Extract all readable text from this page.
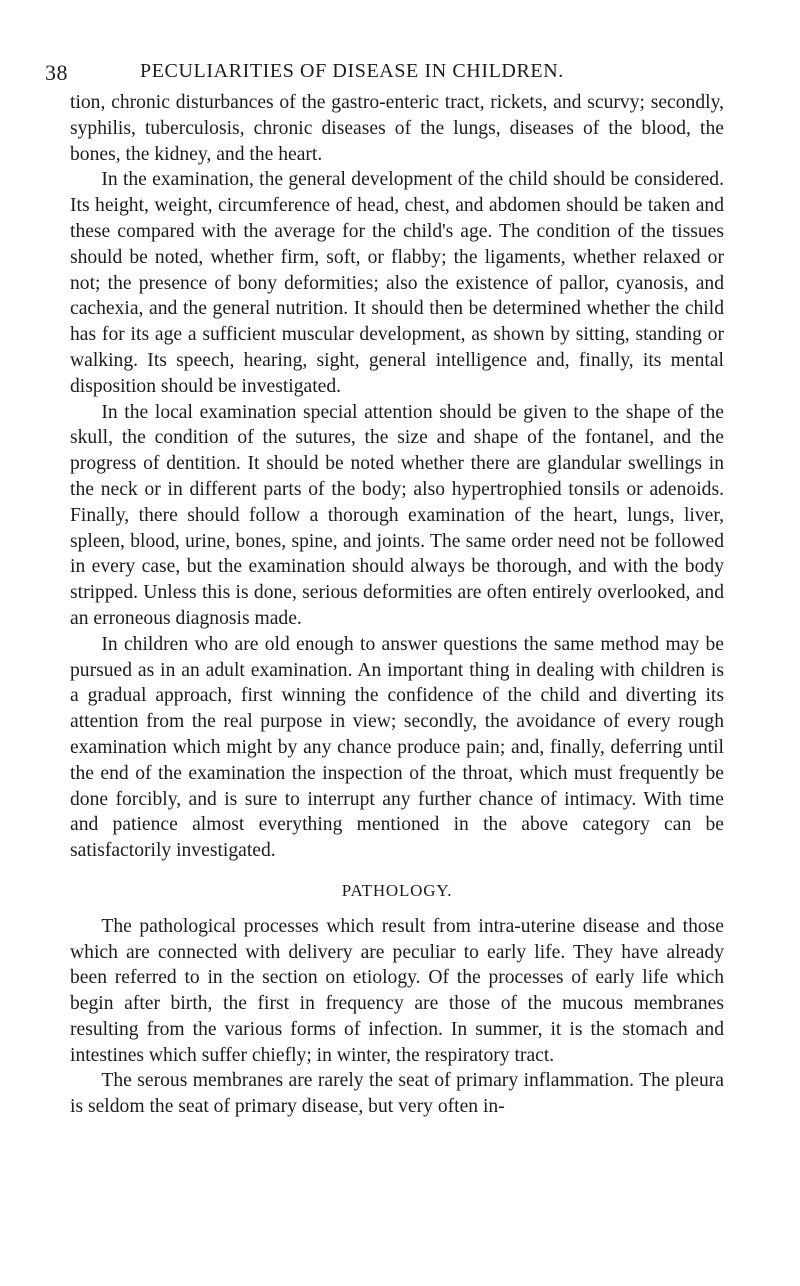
38	PECULIARITIES OF DISEASE IN CHILDREN.

tion, chronic disturbances of the gastro-enteric tract, rickets, and scurvy; secondly, syphilis, tuberculosis, chronic diseases of the lungs, diseases of the blood, the bones, the kidney, and the heart.

In the examination, the general development of the child should be considered. Its height, weight, circumference of head, chest, and abdomen should be taken and these compared with the average for the child's age. The condition of the tissues should be noted, whether firm, soft, or flabby; the ligaments, whether relaxed or not; the presence of bony deformities; also the existence of pallor, cyanosis, and cachexia, and the general nutrition. It should then be determined whether the child has for its age a sufficient muscular development, as shown by sitting, standing or walking. Its speech, hearing, sight, general intelligence and, finally, its mental disposition should be investigated.

In the local examination special attention should be given to the shape of the skull, the condition of the sutures, the size and shape of the fontanel, and the progress of dentition. It should be noted whether there are glandular swellings in the neck or in different parts of the body; also hypertrophied tonsils or adenoids. Finally, there should follow a thorough examination of the heart, lungs, liver, spleen, blood, urine, bones, spine, and joints. The same order need not be followed in every case, but the examination should always be thorough, and with the body stripped. Unless this is done, serious deformities are often entirely overlooked, and an erroneous diagnosis made.

In children who are old enough to answer questions the same method may be pursued as in an adult examination. An important thing in dealing with children is a gradual approach, first winning the confidence of the child and diverting its attention from the real purpose in view; secondly, the avoidance of every rough examination which might by any chance produce pain; and, finally, deferring until the end of the examination the inspection of the throat, which must frequently be done forcibly, and is sure to interrupt any further chance of intimacy. With time and patience almost everything mentioned in the above category can be satisfactorily investigated.

PATHOLOGY.

The pathological processes which result from intra-uterine disease and those which are connected with delivery are peculiar to early life. They have already been referred to in the section on etiology. Of the processes of early life which begin after birth, the first in frequency are those of the mucous membranes resulting from the various forms of infection. In summer, it is the stomach and intestines which suffer chiefly; in winter, the respiratory tract.

The serous membranes are rarely the seat of primary inflammation. The pleura is seldom the seat of primary disease, but very often in-
